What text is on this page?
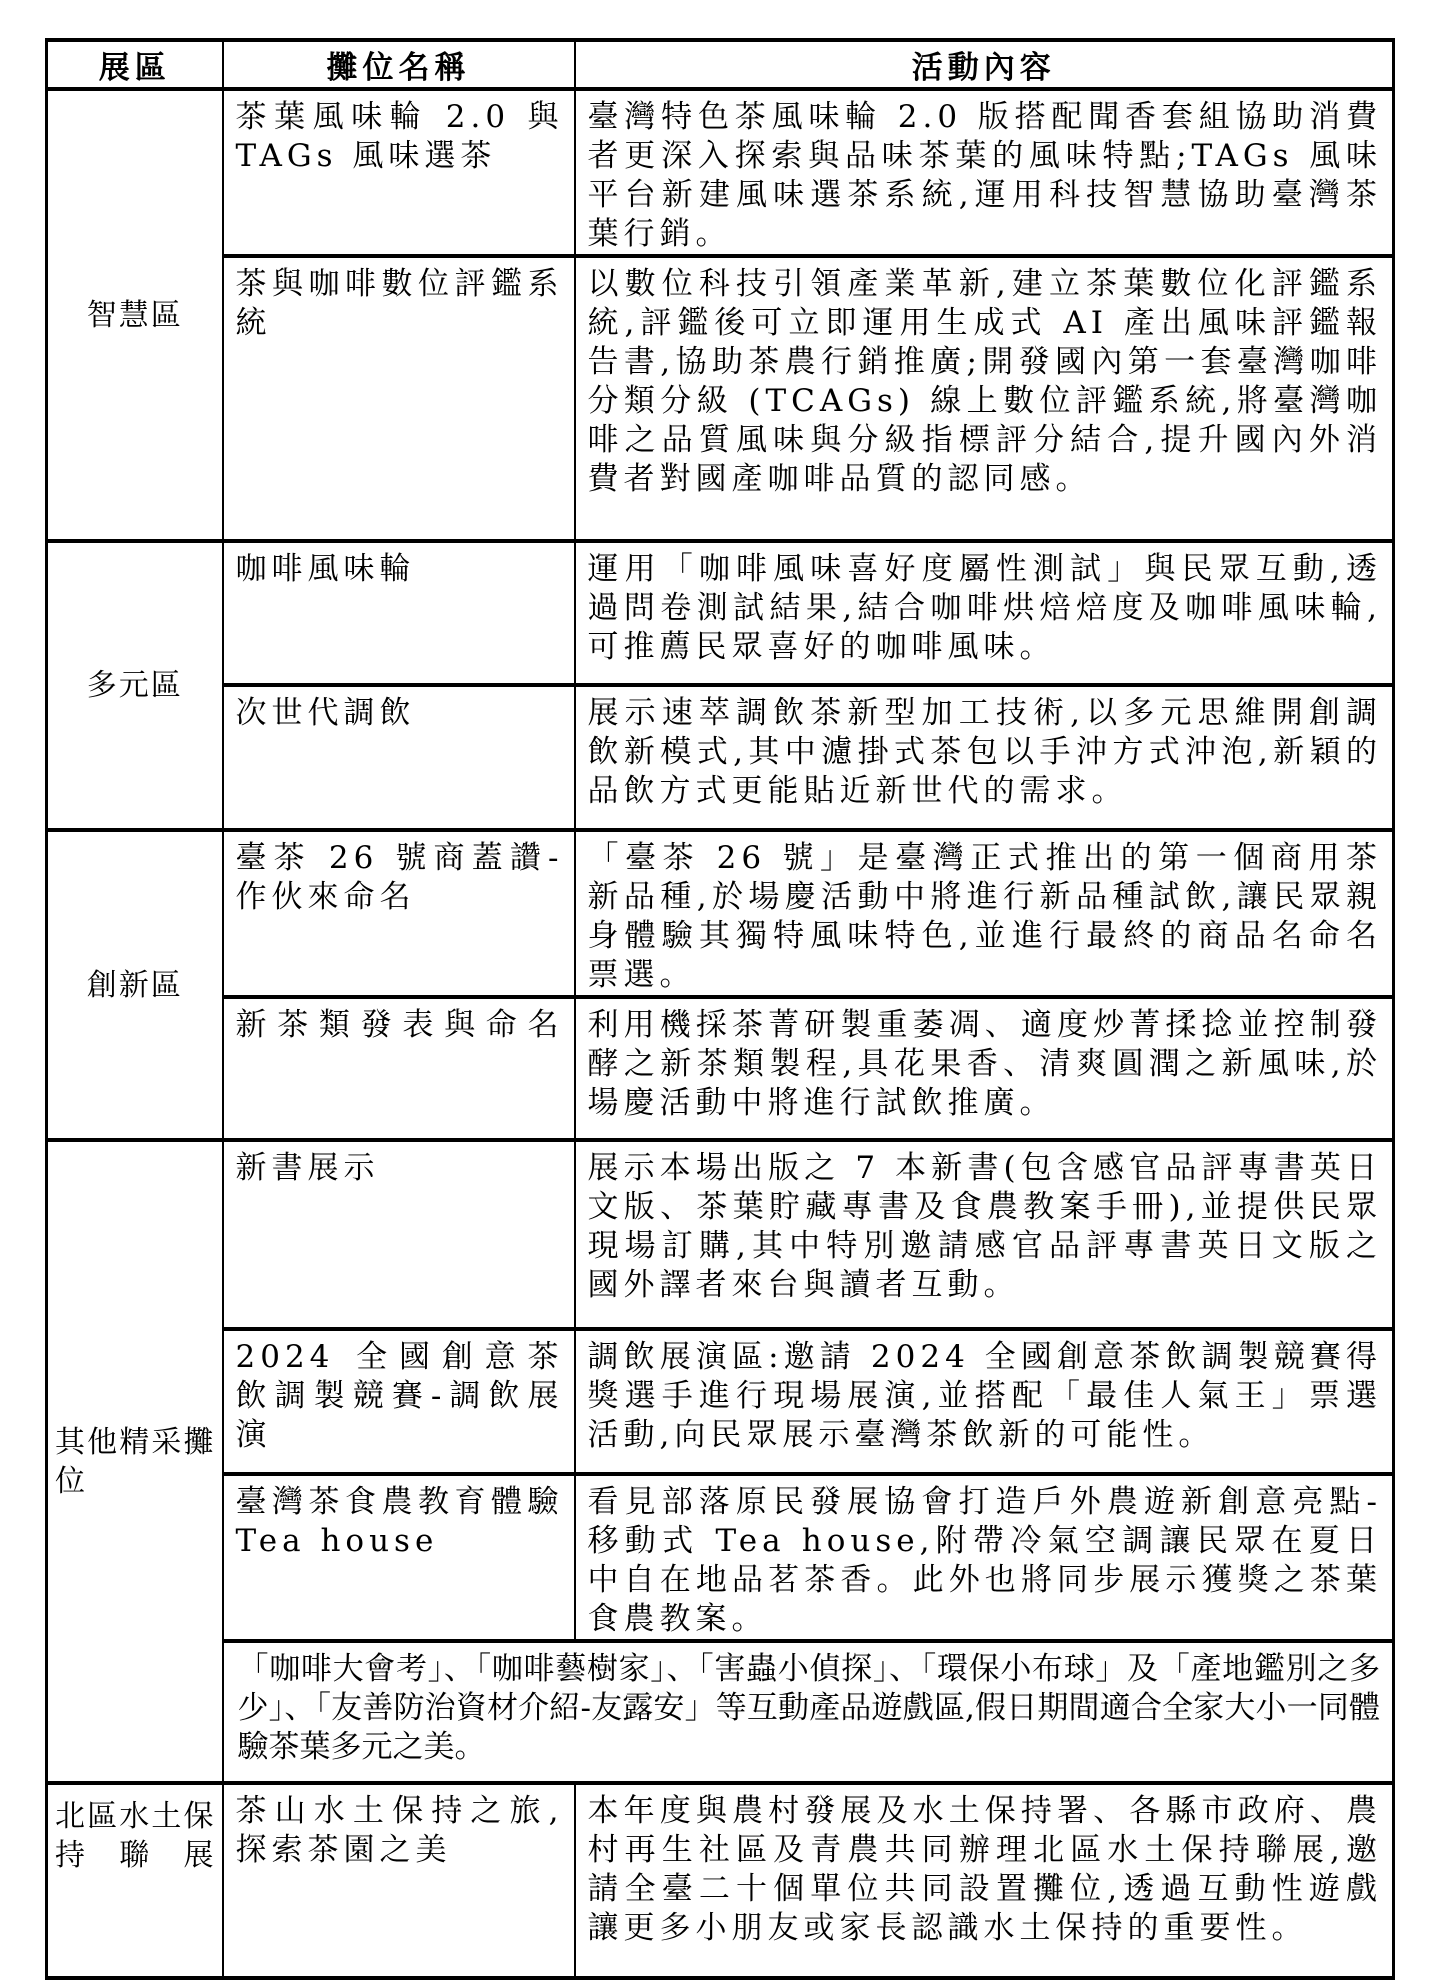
展區	攤位名稱	活動內容
智慧區	茶葉風味輪 2.0 與 TAGs 風味選茶	臺灣特色茶風味輪 2.0 版搭配聞香套組協助消費者更深入探索與品味茶葉的風味特點;TAGs 風味平台新建風味選茶系統,運用科技智慧協助臺灣茶葉行銷。
	茶與咖啡數位評鑑系統	以數位科技引領產業革新,建立茶葉數位化評鑑系統,評鑑後可立即運用生成式 AI 產出風味評鑑報告書,協助茶農行銷推廣;開發國內第一套臺灣咖啡分類分級 (TCAGs) 線上數位評鑑系統,將臺灣咖啡之品質風味與分級指標評分結合,提升國內外消費者對國產咖啡品質的認同感。
多元區	咖啡風味輪	運用「咖啡風味喜好度屬性測試」與民眾互動,透過問卷測試結果,結合咖啡烘焙焙度及咖啡風味輪,可推薦民眾喜好的咖啡風味。
	次世代調飲	展示速萃調飲茶新型加工技術,以多元思維開創調飲新模式,其中濾掛式茶包以手沖方式沖泡,新穎的品飲方式更能貼近新世代的需求。
創新區	臺茶 26 號商蓋讚-作伙來命名	「臺茶 26 號」是臺灣正式推出的第一個商用茶新品種,於場慶活動中將進行新品種試飲,讓民眾親身體驗其獨特風味特色,並進行最終的商品名命名票選。
	新茶類發表與命名	利用機採茶菁研製重萎凋、適度炒菁揉捻並控制發酵之新茶類製程,具花果香、清爽圓潤之新風味,於場慶活動中將進行試飲推廣。
其他精采攤位	新書展示	展示本場出版之 7 本新書(包含感官品評專書英日文版、茶葉貯藏專書及食農教案手冊),並提供民眾現場訂購,其中特別邀請感官品評專書英日文版之國外譯者來台與讀者互動。
	2024 全國創意茶飲調製競賽-調飲展演	調飲展演區:邀請 2024 全國創意茶飲調製競賽得獎選手進行現場展演,並搭配「最佳人氣王」票選活動,向民眾展示臺灣茶飲新的可能性。
	臺灣茶食農教育體驗 Tea house	看見部落原民發展協會打造戶外農遊新創意亮點-移動式 Tea house,附帶冷氣空調讓民眾在夏日中自在地品茗茶香。此外也將同步展示獲獎之茶葉食農教案。
	「咖啡大會考」、「咖啡藝樹家」、「害蟲小偵探」、「環保小布球」及「產地鑑別之多少」、「友善防治資材介紹-友露安」等互動產品遊戲區,假日期間適合全家大小一同體驗茶葉多元之美。	
北區水土保持聯展	茶山水土保持之旅,探索茶園之美	本年度與農村發展及水土保持署、各縣市政府、農村再生社區及青農共同辦理北區水土保持聯展,邀請全臺二十個單位共同設置攤位,透過互動性遊戲讓更多小朋友或家長認識水土保持的重要性。
